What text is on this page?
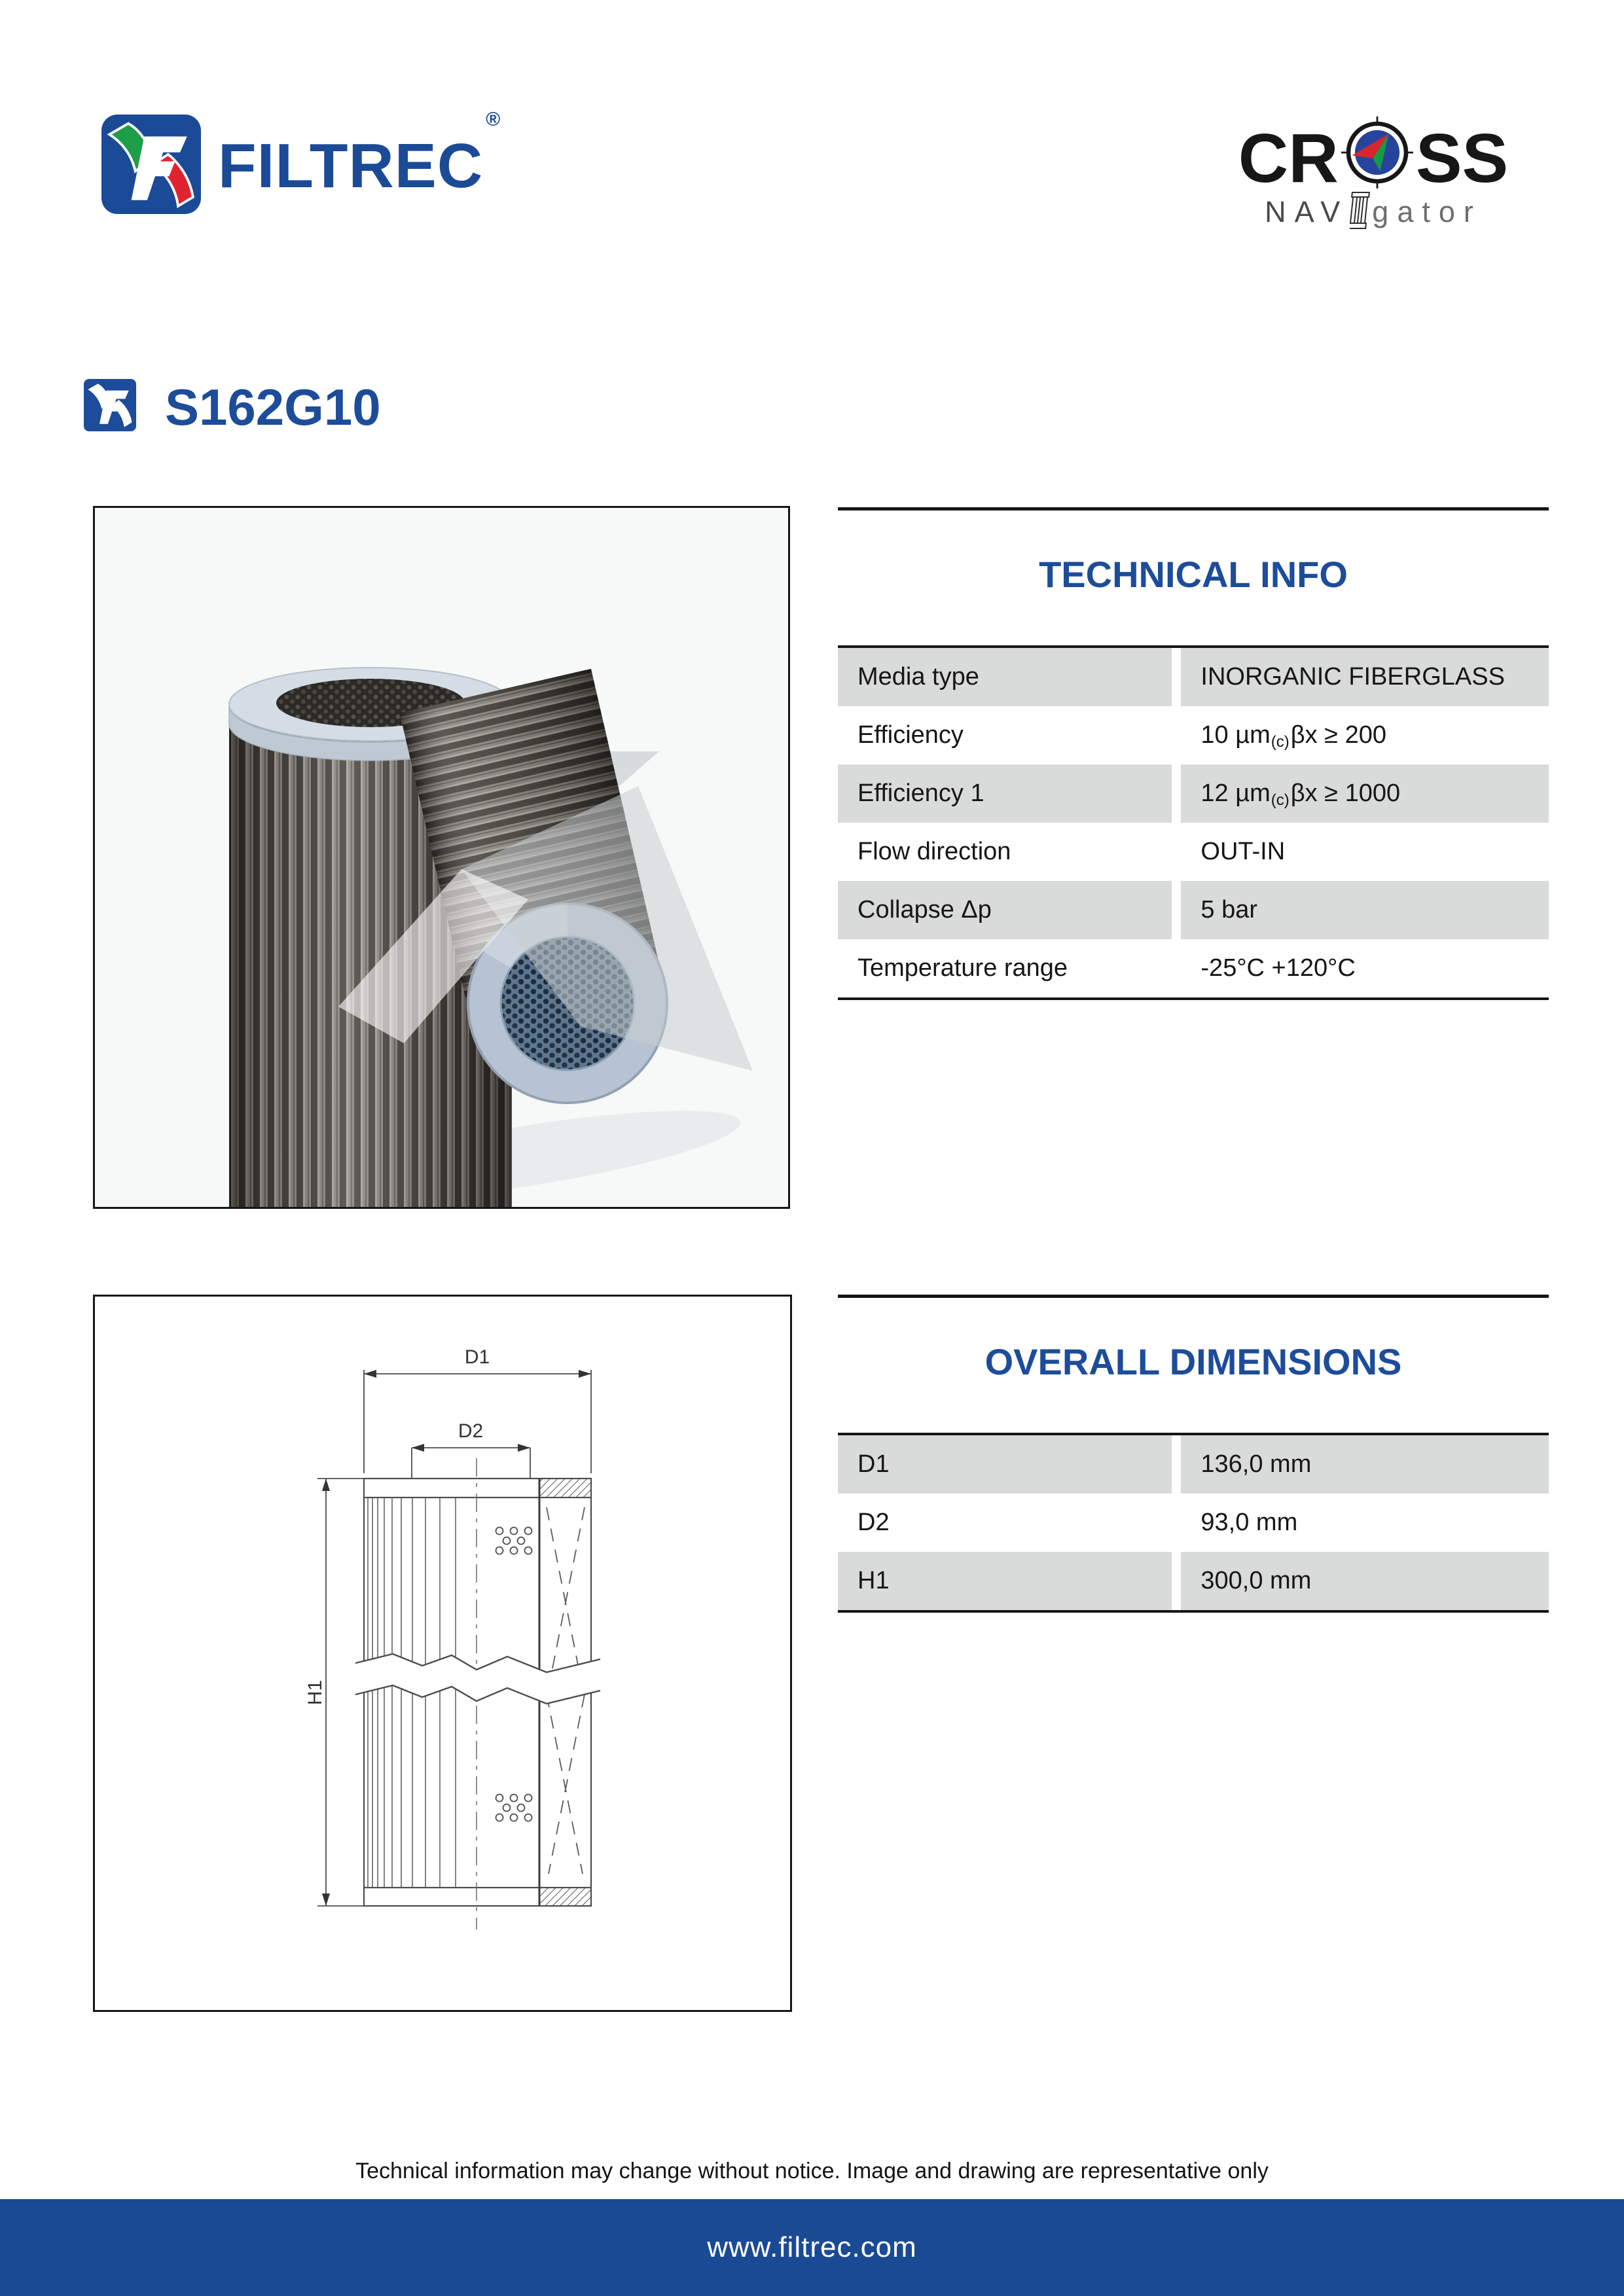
FILTREC®
CR SS
NAV gator
S162G10
TECHNICAL INFO
Media type	INORGANIC FIBERGLASS
Efficiency	10 µm$_{(c)}$ βx ≥ 200
Efficiency 1	12 µm$_{(c)}$ βx ≥ 1000
Flow direction	OUT-IN
Collapse Δp	5 bar
Temperature range	-25°C +120°C
D1
D2
H1
OVERALL DIMENSIONS
D1	136,0 mm
D2	93,0 mm
H1	300,0 mm
Technical information may change without notice. Image and drawing are representative only
www.filtrec.com
